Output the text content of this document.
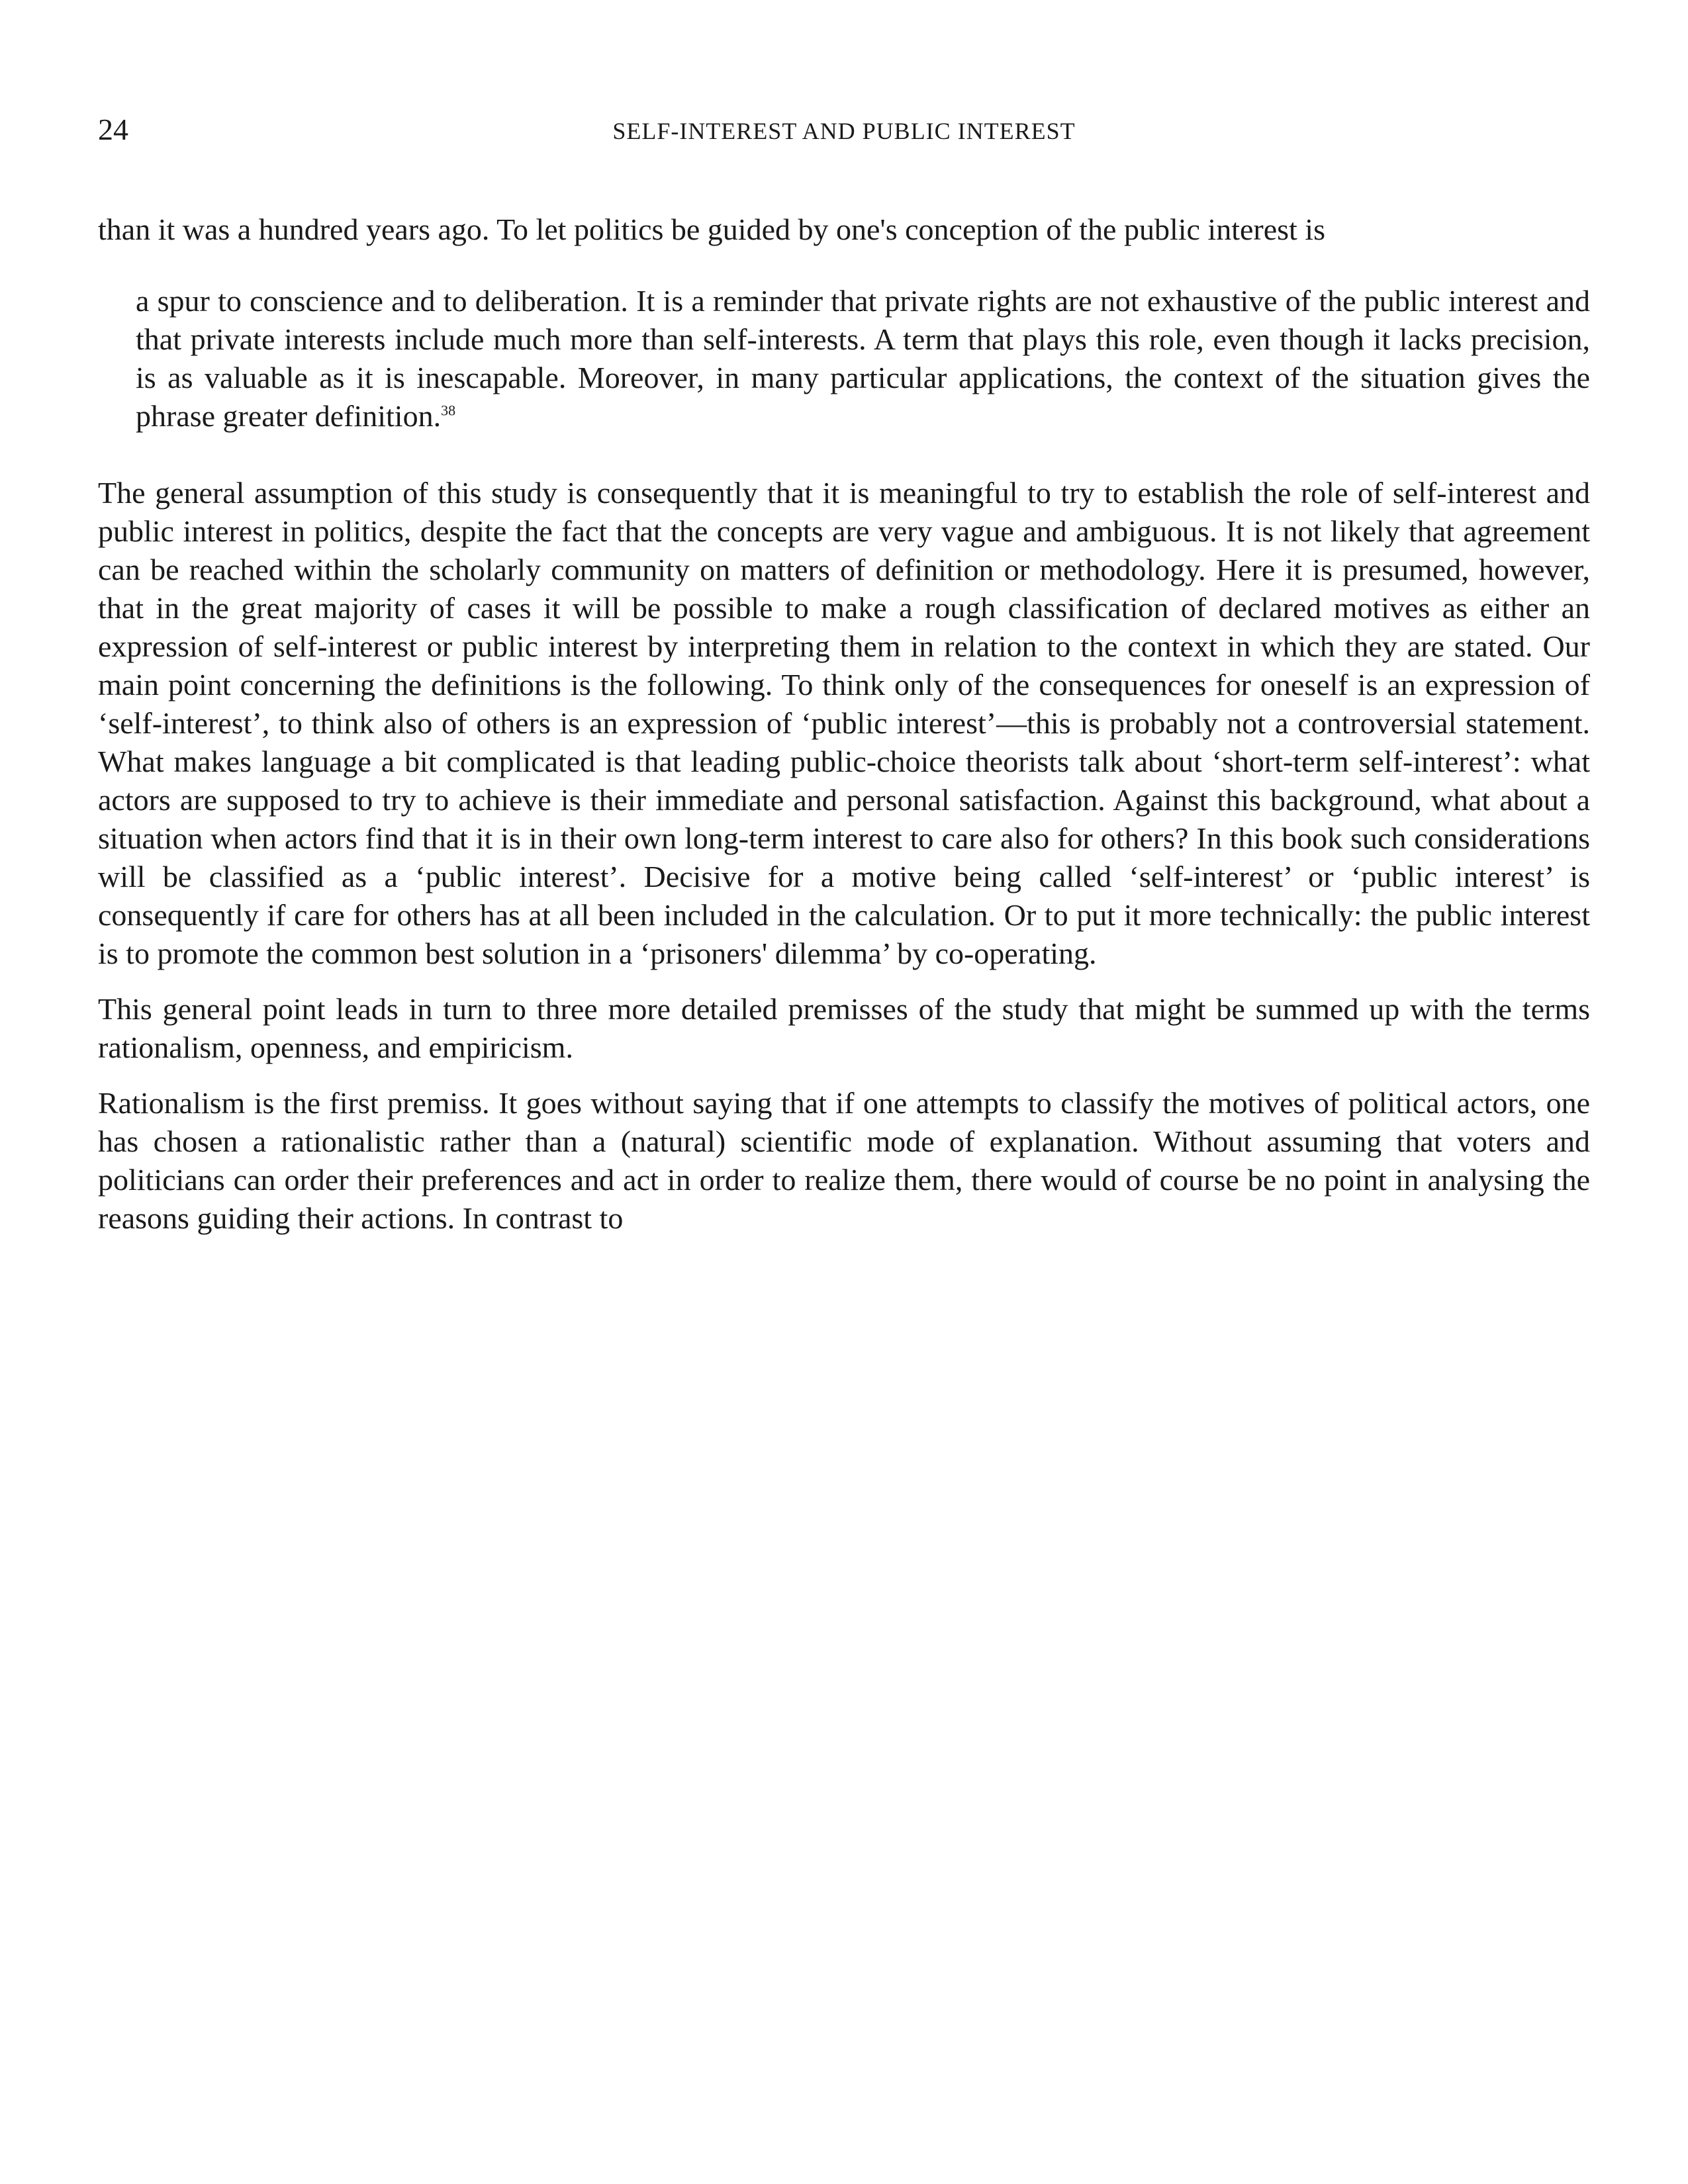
24	SELF-INTEREST AND PUBLIC INTEREST

than it was a hundred years ago. To let politics be guided by one's conception of the public interest is

a spur to conscience and to deliberation. It is a reminder that private rights are not exhaustive of the public interest and that private interests include much more than self-interests. A term that plays this role, even though it lacks precision, is as valuable as it is inescapable. Moreover, in many particular applications, the context of the situation gives the phrase greater definition.$^{38}$

The general assumption of this study is consequently that it is meaningful to try to establish the role of self-interest and public interest in politics, despite the fact that the concepts are very vague and ambiguous. It is not likely that agreement can be reached within the scholarly community on matters of definition or methodology. Here it is presumed, however, that in the great majority of cases it will be possible to make a rough classification of declared motives as either an expression of self-interest or public interest by interpreting them in relation to the context in which they are stated. Our main point concerning the definitions is the following. To think only of the consequences for oneself is an expression of ‘self-interest’, to think also of others is an expression of ‘public interest’—this is probably not a controversial statement. What makes language a bit complicated is that leading public-choice theorists talk about ‘short-term self-interest’: what actors are supposed to try to achieve is their immediate and personal satisfaction. Against this background, what about a situation when actors find that it is in their own long-term interest to care also for others? In this book such considerations will be classified as a ‘public interest’. Decisive for a motive being called ‘self-interest’ or ‘public interest’ is consequently if care for others has at all been included in the calculation. Or to put it more technically: the public interest is to promote the common best solution in a ‘prisoners' dilemma’ by co-operating.

This general point leads in turn to three more detailed premisses of the study that might be summed up with the terms rationalism, openness, and empiricism.

Rationalism is the first premiss. It goes without saying that if one attempts to classify the motives of political actors, one has chosen a rationalistic rather than a (natural) scientific mode of explanation. Without assuming that voters and politicians can order their preferences and act in order to realize them, there would of course be no point in analysing the reasons guiding their actions. In contrast to
